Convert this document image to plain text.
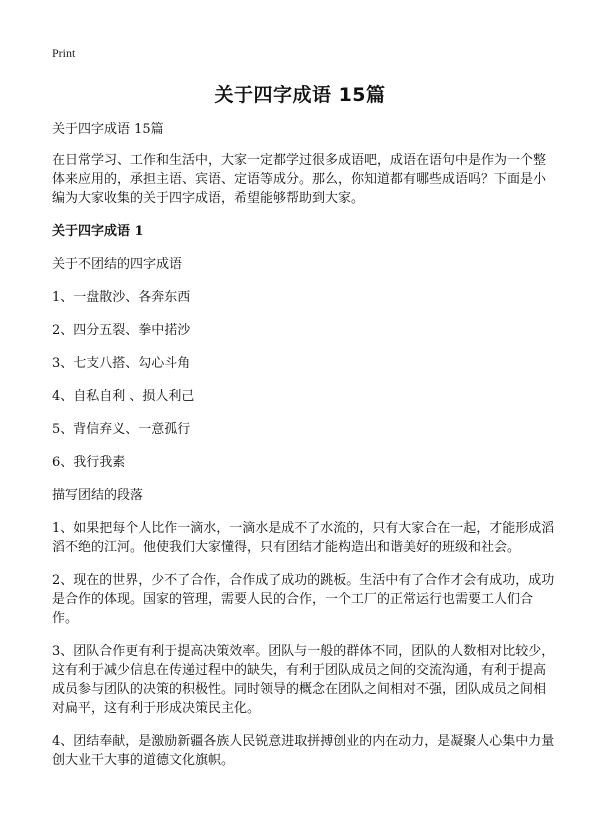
Print
关于四字成语 15篇

关于四字成语 15篇

在日常学习、工作和生活中，大家一定都学过很多成语吧，成语在语句中是作为一个整体来应用的，承担主语、宾语、定语等成分。那么，你知道都有哪些成语吗？下面是小编为大家收集的关于四字成语，希望能够帮助到大家。

关于四字成语 1

关于不团结的四字成语

1、一盘散沙、各奔东西

2、四分五裂、拳中掿沙

3、七支八搭、勾心斗角

4、自私自利 、损人利己

5、背信弃义、一意孤行

6、我行我素

描写团结的段落

1、如果把每个人比作一滴水，一滴水是成不了水流的，只有大家合在一起，才能形成滔滔不绝的江河。他使我们大家懂得，只有团结才能构造出和谐美好的班级和社会。

2、现在的世界，少不了合作，合作成了成功的跳板。生活中有了合作才会有成功，成功是合作的体现。国家的管理，需要人民的合作，一个工厂的正常运行也需要工人们合作。

3、团队合作更有利于提高决策效率。团队与一般的群体不同，团队的人数相对比较少，这有利于减少信息在传递过程中的缺失，有利于团队成员之间的交流沟通，有利于提高成员参与团队的决策的积极性。同时领导的概念在团队之间相对不强，团队成员之间相对扁平，这有利于形成决策民主化。

4、团结奉献，是激励新疆各族人民锐意进取拼搏创业的内在动力，是凝聚人心集中力量创大业干大事的道德文化旗帜。
